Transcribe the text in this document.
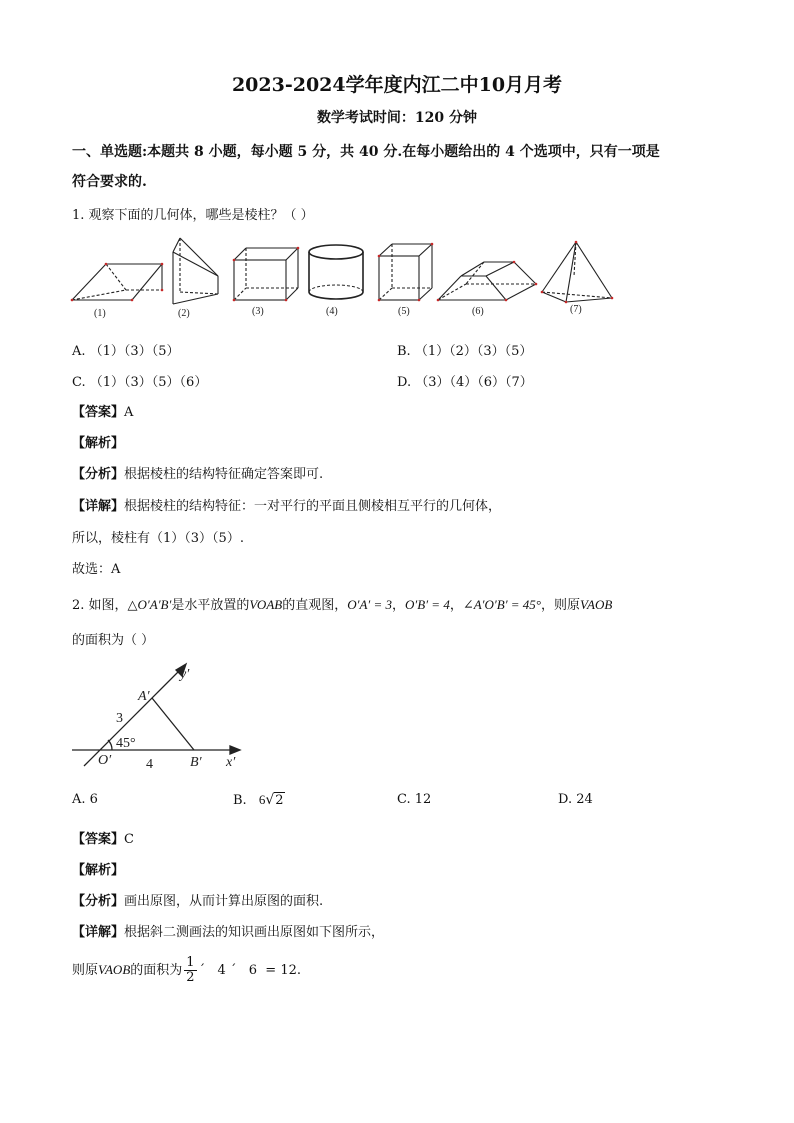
2023-2024学年度内江二中10月月考
数学考试时间：120 分钟
一、单选题:本题共 8 小题，每小题 5 分，共 40 分.在每小题给出的 4 个选项中，只有一项是
符合要求的.
1. 观察下面的几何体，哪些是棱柱？（ ）
(1)	(2)	(3)	(4)	(5)	(6)	(7)
A. （1）（3）（5）	B. （1）（2）（3）（5）
C. （1）（3）（5）（6）	D. （3）（4）（6）（7）
【答案】A
【解析】
【分析】根据棱柱的结构特征确定答案即可.
【详解】根据棱柱的结构特征：一对平行的平面且侧棱相互平行的几何体，
所以，棱柱有（1）（3）（5）.
故选：A
2. 如图，△O′A′B′是水平放置的VOAB的直观图，O′A′ = 3，O′B′ = 4，∠A′O′B′ = 45°，则原VAOB
的面积为（ ）
y′
x′
A′
O′	B′
3
4
45°
A. 6	B. 6√2	C. 12	D. 24
【答案】C
【解析】
【分析】画出原图，从而计算出原图的面积.
【详解】根据斜二测画法的知识画出原图如下图所示，
则原VAOB的面积为 $\frac{1}{2}$ ´   4 ´   6  = 12.
